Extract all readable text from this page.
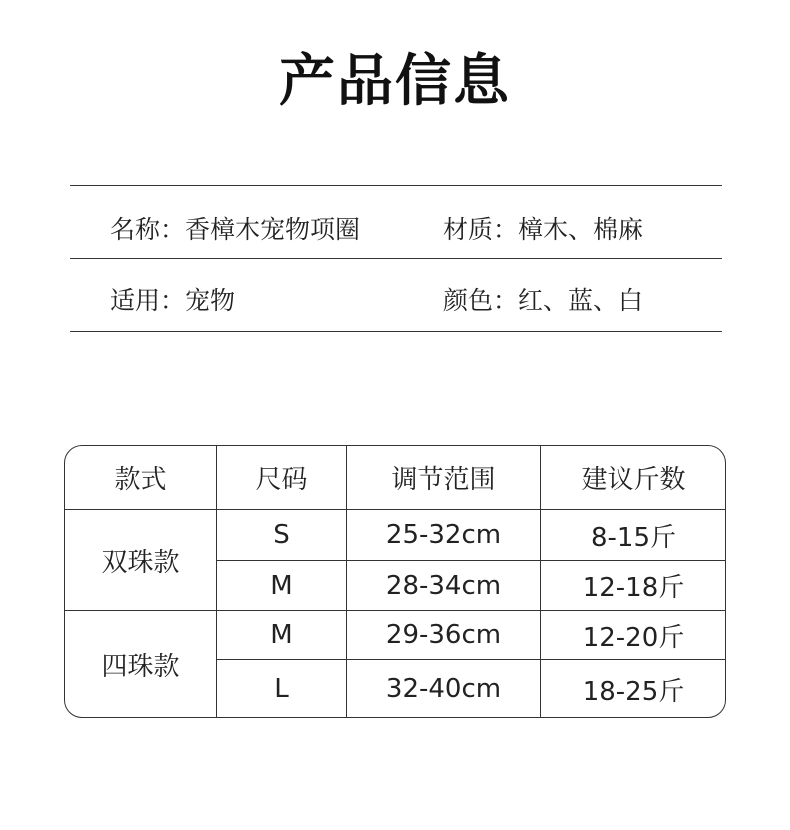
产品信息
名称：香樟木宠物项圈	材质：樟木、棉麻
适用：宠物	颜色：红、蓝、白
款式	尺码	调节范围	建议斤数
双珠款
S	25-32cm	8-15斤
M	28-34cm	12-18斤
四珠款
M	29-36cm	12-20斤
L	32-40cm	18-25斤
